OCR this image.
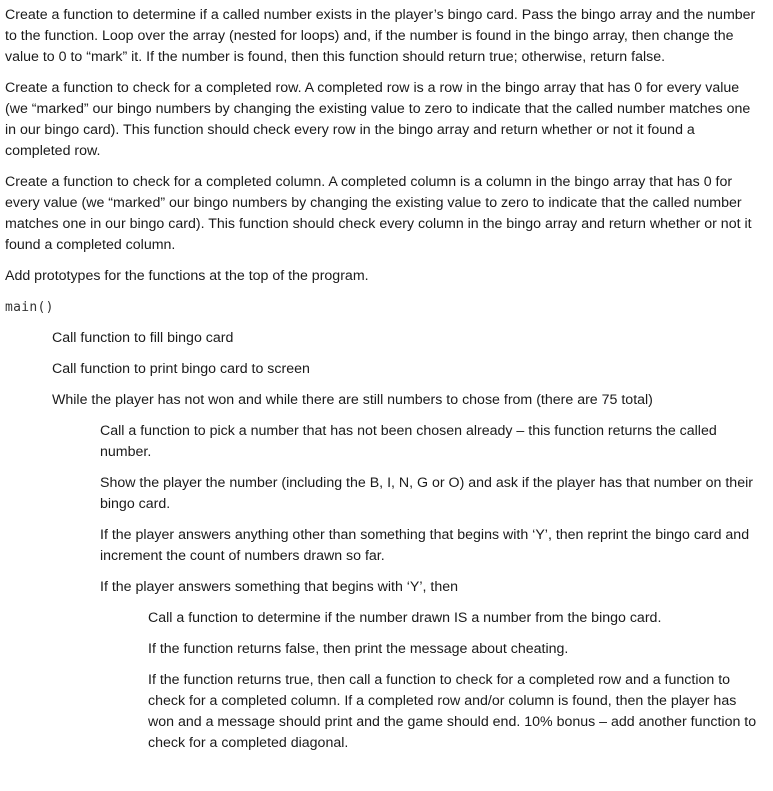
Create a function to determine if a called number exists in the player’s bingo card. Pass the bingo array and the number to the function. Loop over the array (nested for loops) and, if the number is found in the bingo array, then change the value to 0 to “mark” it. If the number is found, then this function should return true; otherwise, return false.

Create a function to check for a completed row. A completed row is a row in the bingo array that has 0 for every value (we “marked” our bingo numbers by changing the existing value to zero to indicate that the called number matches one in our bingo card). This function should check every row in the bingo array and return whether or not it found a completed row.

Create a function to check for a completed column. A completed column is a column in the bingo array that has 0 for every value (we “marked” our bingo numbers by changing the existing value to zero to indicate that the called number matches one in our bingo card). This function should check every column in the bingo array and return whether or not it found a completed column.

Add prototypes for the functions at the top of the program.

main()

Call function to fill bingo card

Call function to print bingo card to screen

While the player has not won and while there are still numbers to chose from (there are 75 total)

Call a function to pick a number that has not been chosen already – this function returns the called number.

Show the player the number (including the B, I, N, G or O) and ask if the player has that number on their bingo card.

If the player answers anything other than something that begins with ‘Y’, then reprint the bingo card and increment the count of numbers drawn so far.

If the player answers something that begins with ‘Y’, then

Call a function to determine if the number drawn IS a number from the bingo card.

If the function returns false, then print the message about cheating.

If the function returns true, then call a function to check for a completed row and a function to check for a completed column. If a completed row and/or column is found, then the player has won and a message should print and the game should end. 10% bonus – add another function to check for a completed diagonal.
